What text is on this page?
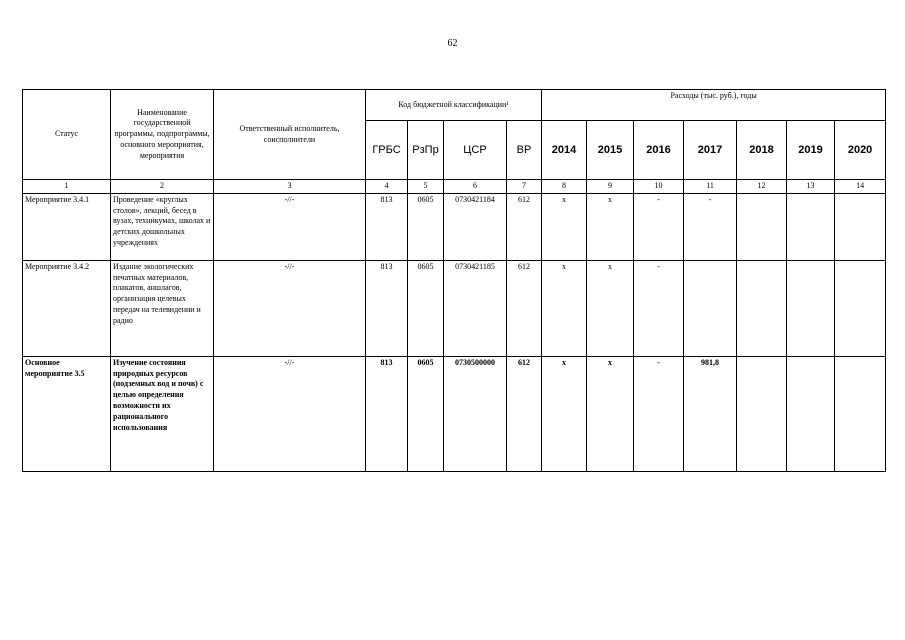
62
Статус	Наименование государственной программы, подпрограммы, основного мероприятия, мероприятия	Ответственный исполнитель, соисполнители	Код бюджетной классификации¹				Расходы (тыс. руб.), годы						
			ГРБС	РзПр	ЦСР	ВР	2014	2015	2016	2017	2018	2019	2020
1	2	3	4	5	6	7	8	9	10	11	12	13	14
Мероприятие 3.4.1	Проведение «круглых столов», лекций, бесед в вузах, техникумах, школах и детских дошкольных учреждениях	-//-	813	0605	0730421184	612	х	х	-	-			
Мероприятие 3.4.2	Издание экологических печатных материалов, плакатов, аншлагов, организация целевых передач на телевидении и радио	-//-	813	0605	0730421185	612	х	х	-				
Основное мероприятие 3.5	Изучение состояния природных ресурсов (подземных вод и почв) с целью определения возможности их рационального использования	-//-	813	0605	0730500000	612	х	х	-	981,8			
